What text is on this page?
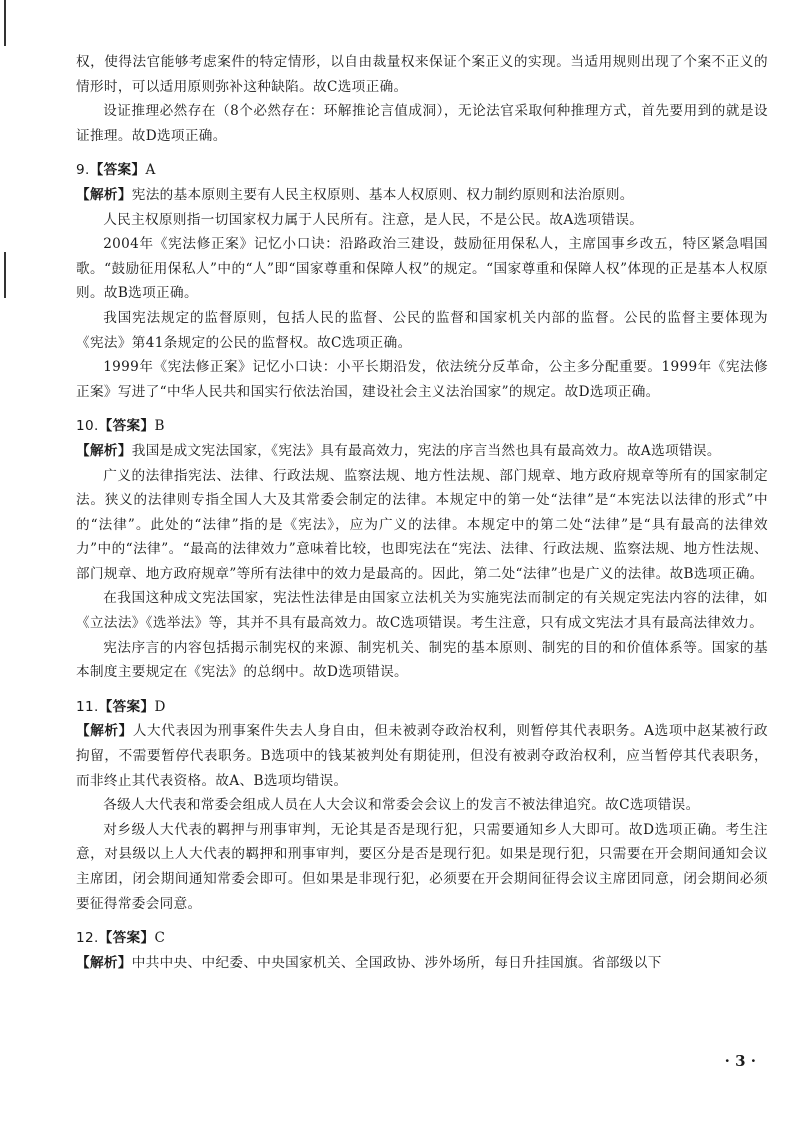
权，使得法官能够考虑案件的特定情形，以自由裁量权来保证个案正义的实现。当适用规则出现了个案不正义的情形时，可以适用原则弥补这种缺陷。故C选项正确。

设证推理必然存在（8个必然存在：环解推论言值成洞），无论法官采取何种推理方式，首先要用到的就是设证推理。故D选项正确。

9.【答案】A

【解析】宪法的基本原则主要有人民主权原则、基本人权原则、权力制约原则和法治原则。

人民主权原则指一切国家权力属于人民所有。注意，是人民，不是公民。故A选项错误。

2004年《宪法修正案》记忆小口诀：沿路政治三建设，鼓励征用保私人，主席国事乡改五，特区紧急唱国歌。“鼓励征用保私人”中的“人”即“国家尊重和保障人权”的规定。“国家尊重和保障人权”体现的正是基本人权原则。故B选项正确。

我国宪法规定的监督原则，包括人民的监督、公民的监督和国家机关内部的监督。公民的监督主要体现为《宪法》第41条规定的公民的监督权。故C选项正确。

1999年《宪法修正案》记忆小口诀：小平长期沿发，依法统分反革命，公主多分配重要。1999年《宪法修正案》写进了“中华人民共和国实行依法治国，建设社会主义法治国家”的规定。故D选项正确。

10.【答案】B

【解析】我国是成文宪法国家，《宪法》具有最高效力，宪法的序言当然也具有最高效力。故A选项错误。

广义的法律指宪法、法律、行政法规、监察法规、地方性法规、部门规章、地方政府规章等所有的国家制定法。狭义的法律则专指全国人大及其常委会制定的法律。本规定中的第一处“法律”是“本宪法以法律的形式”中的“法律”。此处的“法律”指的是《宪法》，应为广义的法律。本规定中的第二处“法律”是“具有最高的法律效力”中的“法律”。“最高的法律效力”意味着比较，也即宪法在“宪法、法律、行政法规、监察法规、地方性法规、部门规章、地方政府规章”等所有法律中的效力是最高的。因此，第二处“法律”也是广义的法律。故B选项正确。

在我国这种成文宪法国家，宪法性法律是由国家立法机关为实施宪法而制定的有关规定宪法内容的法律，如《立法法》《选举法》等，其并不具有最高效力。故C选项错误。考生注意，只有成文宪法才具有最高法律效力。

宪法序言的内容包括揭示制宪权的来源、制宪机关、制宪的基本原则、制宪的目的和价值体系等。国家的基本制度主要规定在《宪法》的总纲中。故D选项错误。

11.【答案】D

【解析】人大代表因为刑事案件失去人身自由，但未被剥夺政治权利，则暂停其代表职务。A选项中赵某被行政拘留，不需要暂停代表职务。B选项中的钱某被判处有期徒刑，但没有被剥夺政治权利，应当暂停其代表职务，而非终止其代表资格。故A、B选项均错误。

各级人大代表和常委会组成人员在人大会议和常委会会议上的发言不被法律追究。故C选项错误。

对乡级人大代表的羁押与刑事审判，无论其是否是现行犯，只需要通知乡人大即可。故D选项正确。考生注意，对县级以上人大代表的羁押和刑事审判，要区分是否是现行犯。如果是现行犯，只需要在开会期间通知会议主席团，闭会期间通知常委会即可。但如果是非现行犯，必须要在开会期间征得会议主席团同意，闭会期间必须要征得常委会同意。

12.【答案】C

【解析】中共中央、中纪委、中央国家机关、全国政协、涉外场所，每日升挂国旗。省部级以下

· 3 ·
